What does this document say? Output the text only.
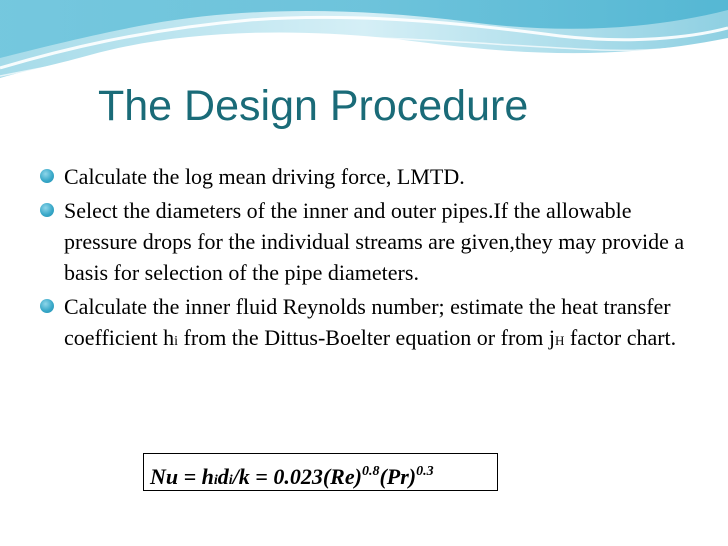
The Design Procedure
Calculate the log mean driving force, LMTD.
Select the diameters of the inner and outer pipes.If the allowable pressure drops for the individual streams are given,they may provide a basis for selection of the pipe diameters.
Calculate the inner fluid Reynolds number; estimate the heat transfer coefficient hi from the Dittus-Boelter equation or from jH factor chart.
Nu = hidi/k = $0.023(Re)^{0.8}(Pr)^{0.3}$
